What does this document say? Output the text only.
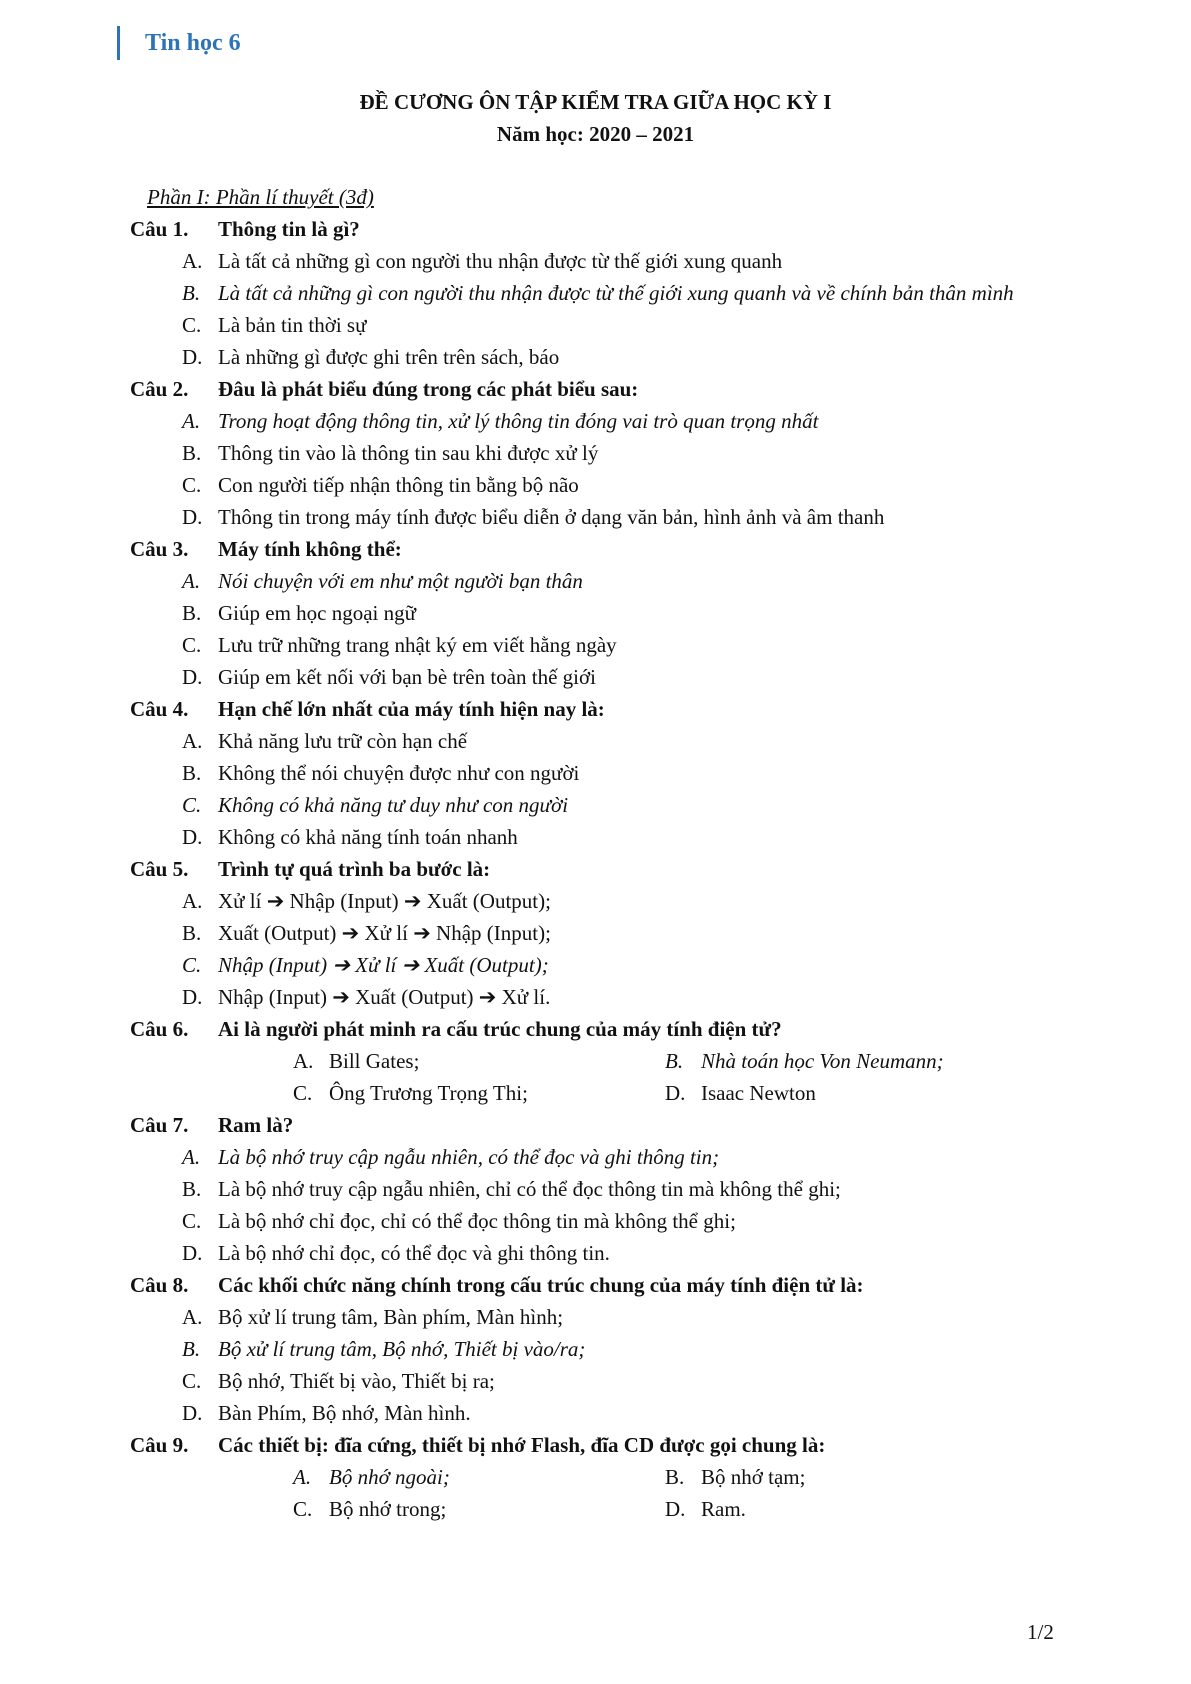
Tin học 6
ĐỀ CƯƠNG ÔN TẬP KIỂM TRA GIỮA HỌC KỲ I
Năm học: 2020 – 2021
Phần I: Phần lí thuyết (3đ)
Câu 1.	Thông tin là gì?
A. Là tất cả những gì con người thu nhận được từ thế giới xung quanh
B. Là tất cả những gì con người thu nhận được từ thế giới xung quanh và về chính bản thân mình
C. Là bản tin thời sự
D. Là những gì được ghi trên trên sách, báo
Câu 2.	Đâu là phát biểu đúng trong các phát biểu sau:
A. Trong hoạt động thông tin, xử lý thông tin đóng vai trò quan trọng nhất
B. Thông tin vào là thông tin sau khi được xử lý
C. Con người tiếp nhận thông tin bằng bộ não
D. Thông tin trong máy tính được biểu diễn ở dạng văn bản, hình ảnh và âm thanh
Câu 3.	Máy tính không thể:
A. Nói chuyện với em như một người bạn thân
B. Giúp em học ngoại ngữ
C. Lưu trữ những trang nhật ký em viết hằng ngày
D. Giúp em kết nối với bạn bè trên toàn thế giới
Câu 4.	Hạn chế lớn nhất của máy tính hiện nay là:
A. Khả năng lưu trữ còn hạn chế
B. Không thể nói chuyện được như con người
C. Không có khả năng tư duy như con người
D. Không có khả năng tính toán nhanh
Câu 5.	Trình tự quá trình ba bước là:
A. Xử lí ➔ Nhập (Input) ➔ Xuất (Output);
B. Xuất (Output) ➔ Xử lí ➔ Nhập (Input);
C. Nhập (Input) ➔ Xử lí ➔ Xuất (Output);
D. Nhập (Input) ➔ Xuất (Output) ➔ Xử lí.
Câu 6.	Ai là người phát minh ra cấu trúc chung của máy tính điện tử?
A. Bill Gates;	B. Nhà toán học Von Neumann;
C. Ông Trương Trọng Thi;	D. Isaac Newton
Câu 7.	Ram là?
A. Là bộ nhớ truy cập ngẫu nhiên, có thể đọc và ghi thông tin;
B. Là bộ nhớ truy cập ngẫu nhiên, chỉ có thể đọc thông tin mà không thể ghi;
C. Là bộ nhớ chỉ đọc, chỉ có thể đọc thông tin mà không thể ghi;
D. Là bộ nhớ chỉ đọc, có thể đọc và ghi thông tin.
Câu 8.	Các khối chức năng chính trong cấu trúc chung của máy tính điện tử là:
A. Bộ xử lí trung tâm, Bàn phím, Màn hình;
B. Bộ xử lí trung tâm, Bộ nhớ, Thiết bị vào/ra;
C. Bộ nhớ, Thiết bị vào, Thiết bị ra;
D. Bàn Phím, Bộ nhớ, Màn hình.
Câu 9.	Các thiết bị: đĩa cứng, thiết bị nhớ Flash, đĩa CD được gọi chung là:
A. Bộ nhớ ngoài;	B. Bộ nhớ tạm;
C. Bộ nhớ trong;	D. Ram.
1/2
